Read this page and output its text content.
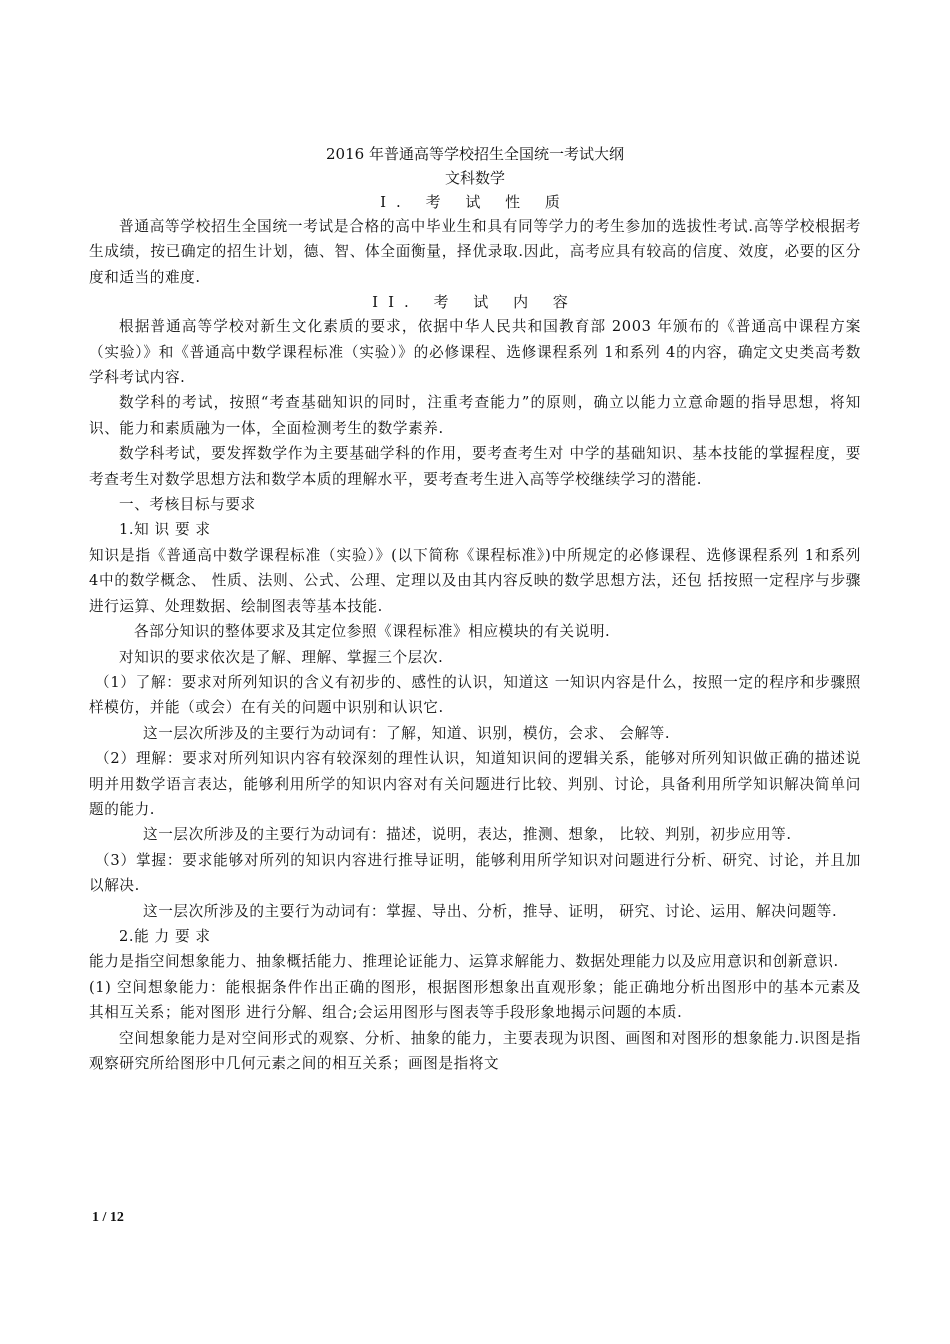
2016 年普通高等学校招生全国统一考试大纲
文科数学
I. 考 试 性 质

普通高等学校招生全国统一考试是合格的高中毕业生和具有同等学力的考生参加的选拔性考试.高等学校根据考生成绩，按已确定的招生计划，德、智、体全面衡量，择优录取.因此，高考应具有较高的信度、效度，必要的区分度和适当的难度.

II. 考 试 内 容

根据普通高等学校对新生文化素质的要求，依据中华人民共和国教育部 2003 年颁布的《普通高中课程方案（实验）》和《普通高中数学课程标准（实验）》的必修课程、选修课程系列 1和系列 4的内容，确定文史类高考数学科考试内容.

数学科的考试，按照“考查基础知识的同时，注重考查能力”的原则，确立以能力立意命题的指导思想，将知识、能力和素质融为一体，全面检测考生的数学素养.

数学科考试，要发挥数学作为主要基础学科的作用，要考查考生对 中学的基础知识、基本技能的掌握程度，要考查考生对数学思想方法和数学本质的理解水平，要考查考生进入高等学校继续学习的潜能.

一、考核目标与要求

1.知 识 要 求

知识是指《普通高中数学课程标准（实验）》(以下简称《课程标准》)中所规定的必修课程、选修课程系列 1和系列 4中的数学概念、 性质、法则、公式、公理、定理以及由其内容反映的数学思想方法，还包 括按照一定程序与步骤进行运算、处理数据、绘制图表等基本技能.

各部分知识的整体要求及其定位参照《课程标准》相应模块的有关说明.

对知识的要求依次是了解、理解、掌握三个层次.

（1）了解：要求对所列知识的含义有初步的、感性的认识，知道这 一知识内容是什么，按照一定的程序和步骤照样模仿，并能（或会）在有关的问题中识别和认识它.

这一层次所涉及的主要行为动词有：了解，知道、识别，模仿，会求、 会解等.

（2）理解：要求对所列知识内容有较深刻的理性认识，知道知识间的逻辑关系，能够对所列知识做正确的描述说明并用数学语言表达，能够利用所学的知识内容对有关问题进行比较、判别、讨论，具备利用所学知识解决简单问题的能力.

这一层次所涉及的主要行为动词有：描述，说明，表达，推测、想象， 比较、判别，初步应用等.

（3）掌握：要求能够对所列的知识内容进行推导证明，能够利用所学知识对问题进行分析、研究、讨论，并且加以解决.

这一层次所涉及的主要行为动词有：掌握、导出、分析，推导、证明， 研究、讨论、运用、解决问题等.

2.能 力 要 求

能力是指空间想象能力、抽象概括能力、推理论证能力、运算求解能力、数据处理能力以及应用意识和创新意识.

(1) 空间想象能力：能根据条件作出正确的图形，根据图形想象出直观形象；能正确地分析出图形中的基本元素及其相互关系；能对图形 进行分解、组合;会运用图形与图表等手段形象地揭示问题的本质.

空间想象能力是对空间形式的观察、分析、抽象的能力，主要表现为识图、画图和对图形的想象能力.识图是指观察研究所给图形中几何元素之间的相互关系；画图是指将文

1 / 12
